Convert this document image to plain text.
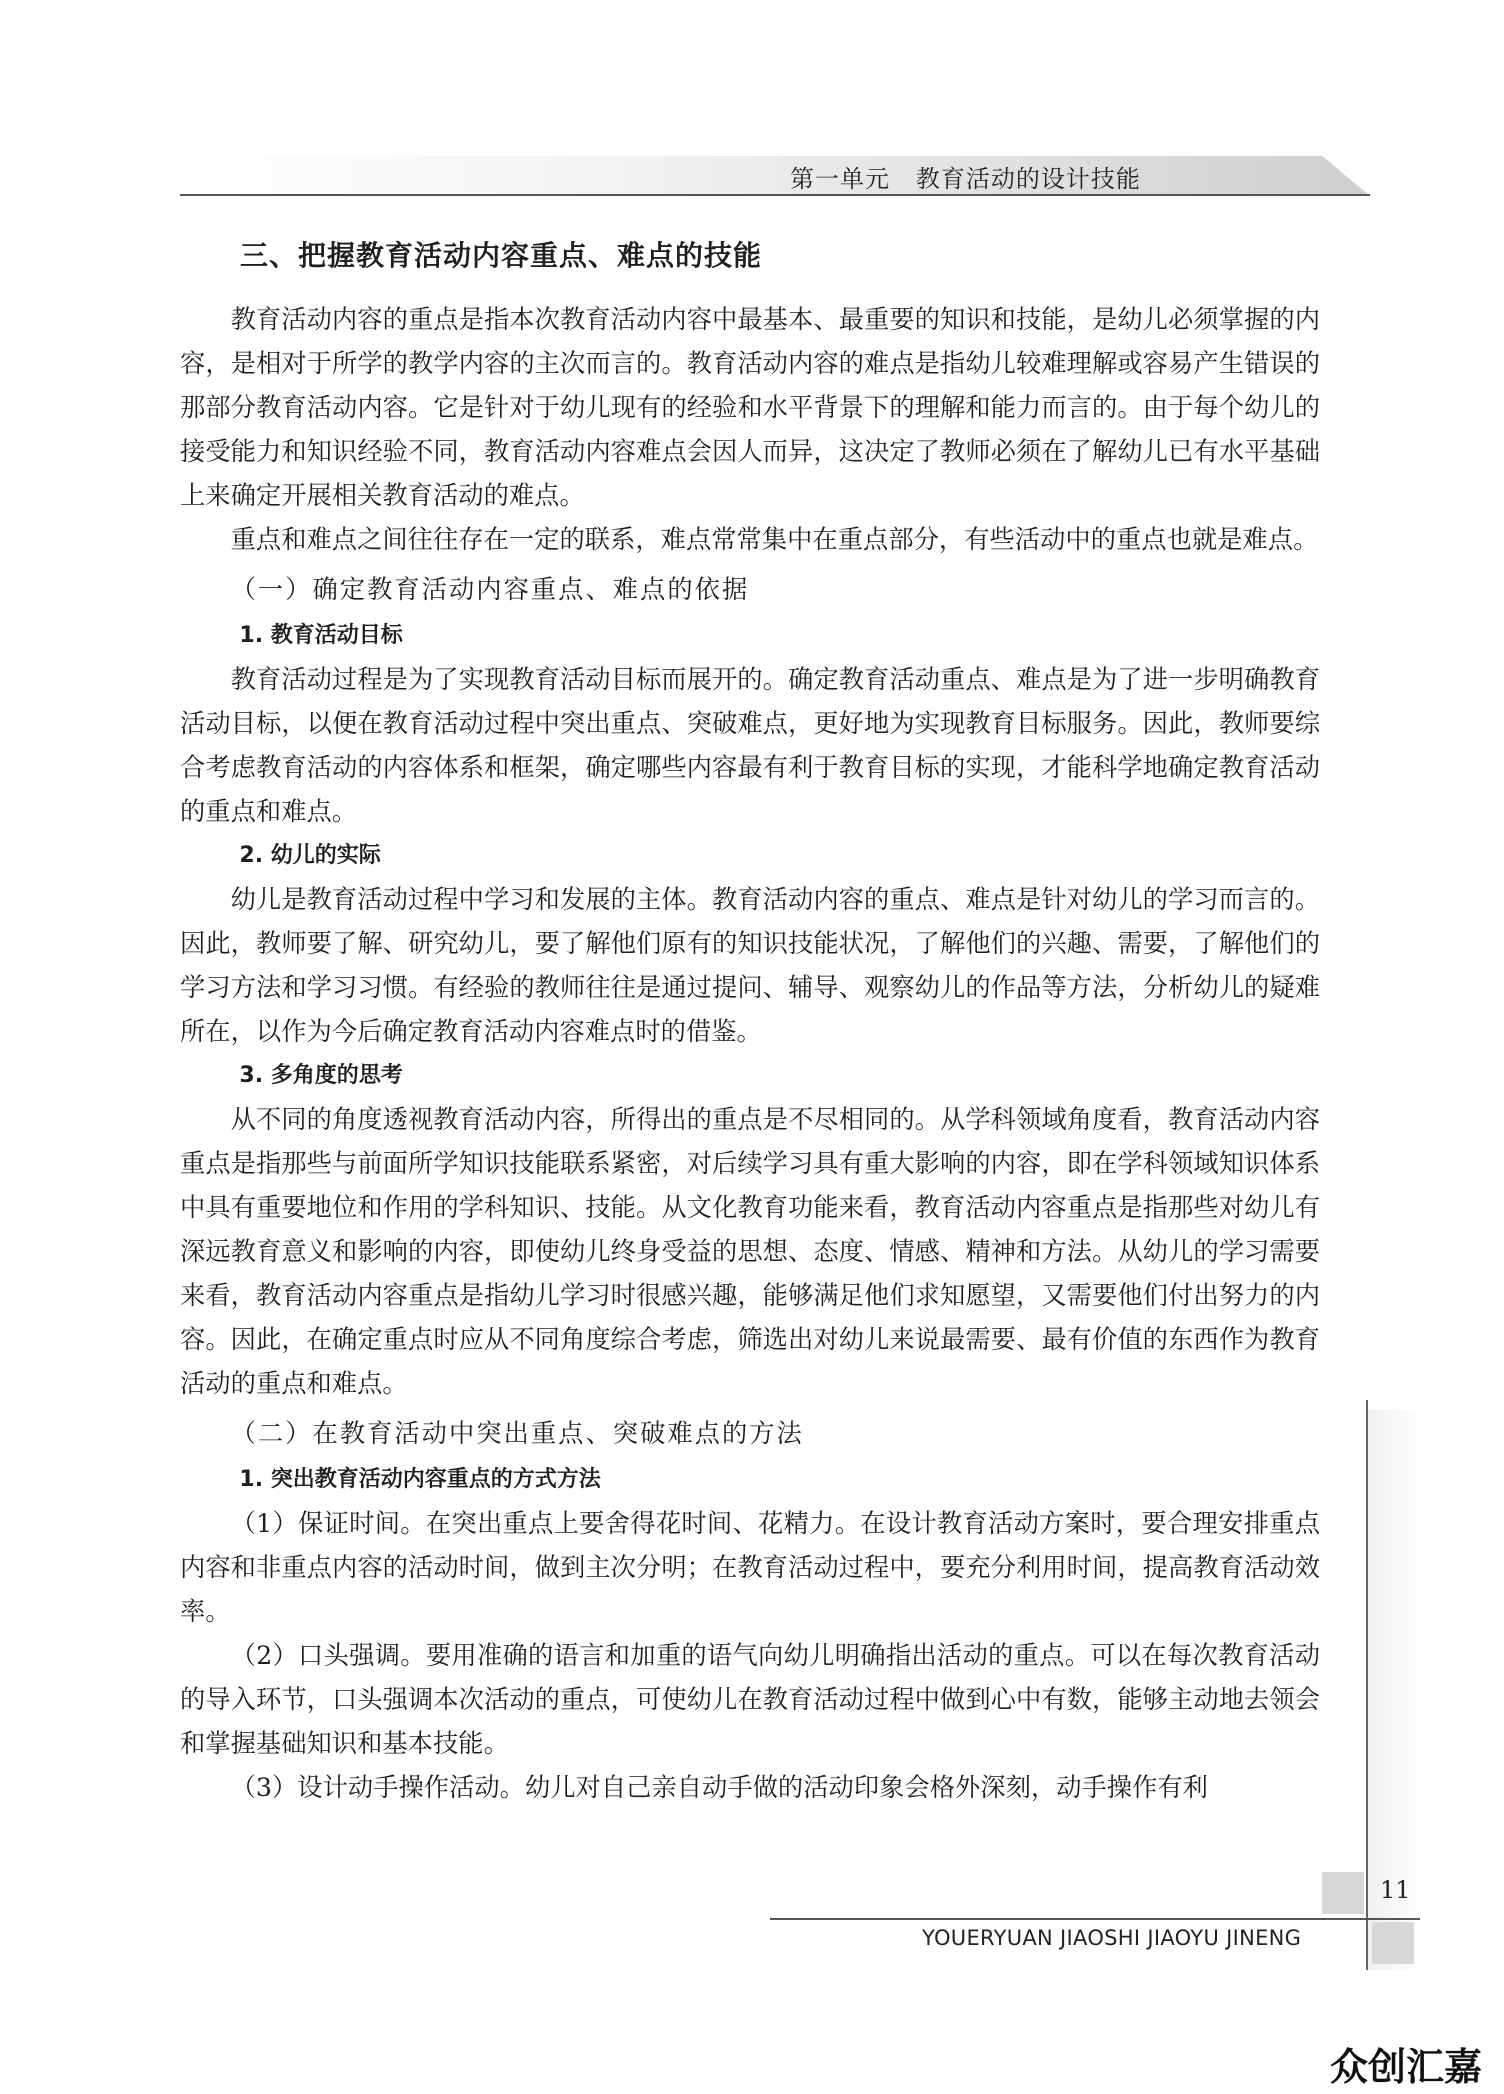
第一单元 教育活动的设计技能
三、把握教育活动内容重点、难点的技能

教育活动内容的重点是指本次教育活动内容中最基本、最重要的知识和技能，是幼儿必须掌握的内容，是相对于所学的教学内容的主次而言的。教育活动内容的难点是指幼儿较难理解或容易产生错误的那部分教育活动内容。它是针对于幼儿现有的经验和水平背景下的理解和能力而言的。由于每个幼儿的接受能力和知识经验不同，教育活动内容难点会因人而异，这决定了教师必须在了解幼儿已有水平基础上来确定开展相关教育活动的难点。

重点和难点之间往往存在一定的联系，难点常常集中在重点部分，有些活动中的重点也就是难点。

（一）确定教育活动内容重点、难点的依据
1. 教育活动目标

教育活动过程是为了实现教育活动目标而展开的。确定教育活动重点、难点是为了进一步明确教育活动目标，以便在教育活动过程中突出重点、突破难点，更好地为实现教育目标服务。因此，教师要综合考虑教育活动的内容体系和框架，确定哪些内容最有利于教育目标的实现，才能科学地确定教育活动的重点和难点。

2. 幼儿的实际

幼儿是教育活动过程中学习和发展的主体。教育活动内容的重点、难点是针对幼儿的学习而言的。因此，教师要了解、研究幼儿，要了解他们原有的知识技能状况，了解他们的兴趣、需要，了解他们的学习方法和学习习惯。有经验的教师往往是通过提问、辅导、观察幼儿的作品等方法，分析幼儿的疑难所在，以作为今后确定教育活动内容难点时的借鉴。

3. 多角度的思考

从不同的角度透视教育活动内容，所得出的重点是不尽相同的。从学科领域角度看，教育活动内容重点是指那些与前面所学知识技能联系紧密，对后续学习具有重大影响的内容，即在学科领域知识体系中具有重要地位和作用的学科知识、技能。从文化教育功能来看，教育活动内容重点是指那些对幼儿有深远教育意义和影响的内容，即使幼儿终身受益的思想、态度、情感、精神和方法。从幼儿的学习需要来看，教育活动内容重点是指幼儿学习时很感兴趣，能够满足他们求知愿望，又需要他们付出努力的内容。因此，在确定重点时应从不同角度综合考虑，筛选出对幼儿来说最需要、最有价值的东西作为教育活动的重点和难点。

（二）在教育活动中突出重点、突破难点的方法
1. 突出教育活动内容重点的方式方法

（1）保证时间。在突出重点上要舍得花时间、花精力。在设计教育活动方案时，要合理安排重点内容和非重点内容的活动时间，做到主次分明；在教育活动过程中，要充分利用时间，提高教育活动效率。

（2）口头强调。要用准确的语言和加重的语气向幼儿明确指出活动的重点。可以在每次教育活动的导入环节，口头强调本次活动的重点，可使幼儿在教育活动过程中做到心中有数，能够主动地去领会和掌握基础知识和基本技能。

（3）设计动手操作活动。幼儿对自己亲自动手做的活动印象会格外深刻，动手操作有利

11
YOUERYUAN JIAOSHI JIAOYU JINENG
众创汇嘉
